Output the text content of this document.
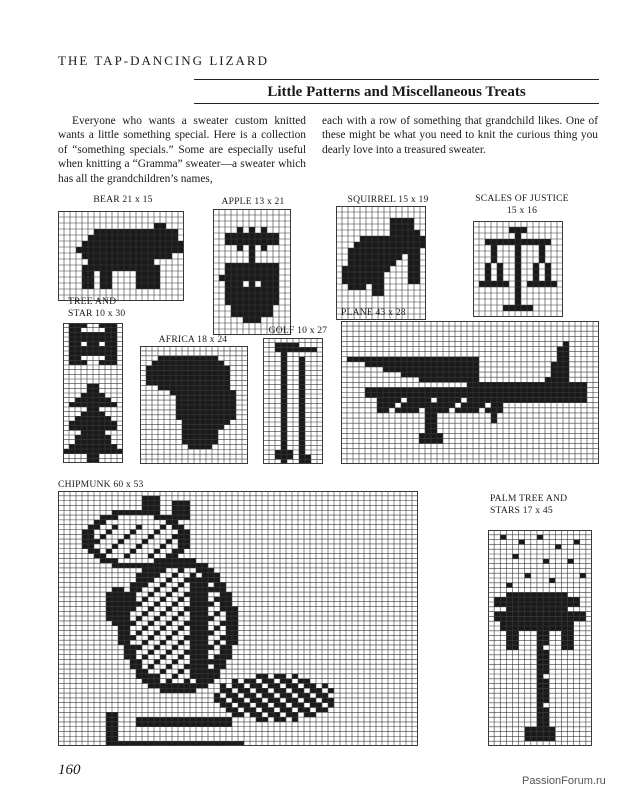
THE TAP-DANCING LIZARD
Little Patterns and Miscellaneous Treats
Everyone who wants a sweater custom knitted wants a little something special. Here is a collection of “something specials.” Some are especially useful when knitting a “Gramma” sweater—a sweater which has all the grandchildren’s names,
each with a row of something that grandchild likes. One of these might be what you need to knit the curious thing you dearly love into a treasured sweater.
BEAR 21 x 15	APPLE 13 x 21	SQUIRREL 15 x 19	SCALES OF JUSTICE
15 x 16
TREE AND
STAR 10 x 30
AFRICA 18 x 24
GOLF 10 x 27
PLANE 43 x 28
CHIPMUNK 60 x 53
PALM TREE AND
STARS 17 x 45
160
PassionForum.ru
